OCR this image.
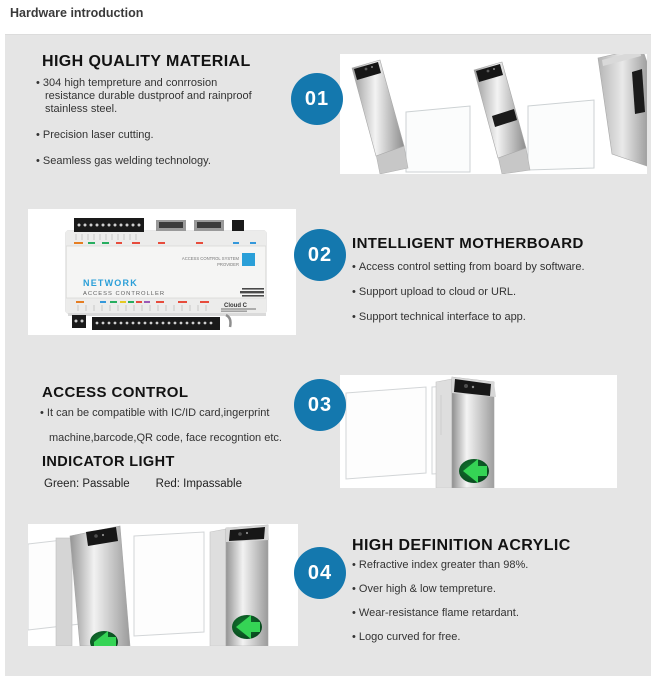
Hardware introduction
HIGH QUALITY MATERIAL
• 304 high tempreture and conrrosion resistance durable dustproof and rainproof stainless steel.
• Precision laser cutting.
• Seamless gas welding technology.
01
ACCESS CONTROL SYSTEM
PROVIDER
NETWORK
ACCESS CONTROLLER
Cloud C
02	INTELLIGENT MOTHERBOARD
• Access control setting from board by software.
• Support upload to cloud or URL.
• Support technical interface to app.
ACCESS CONTROL
• It can be compatible with IC/ID card,ingerprint machine,barcode,QR code, face recogntion etc.
INDICATOR LIGHT
Green: Passable Red: Impassable
03
04
HIGH DEFINITION ACRYLIC
• Refractive index greater than 98%.
• Over high & low tempreture.
• Wear-resistance flame retardant.
• Logo curved for free.
